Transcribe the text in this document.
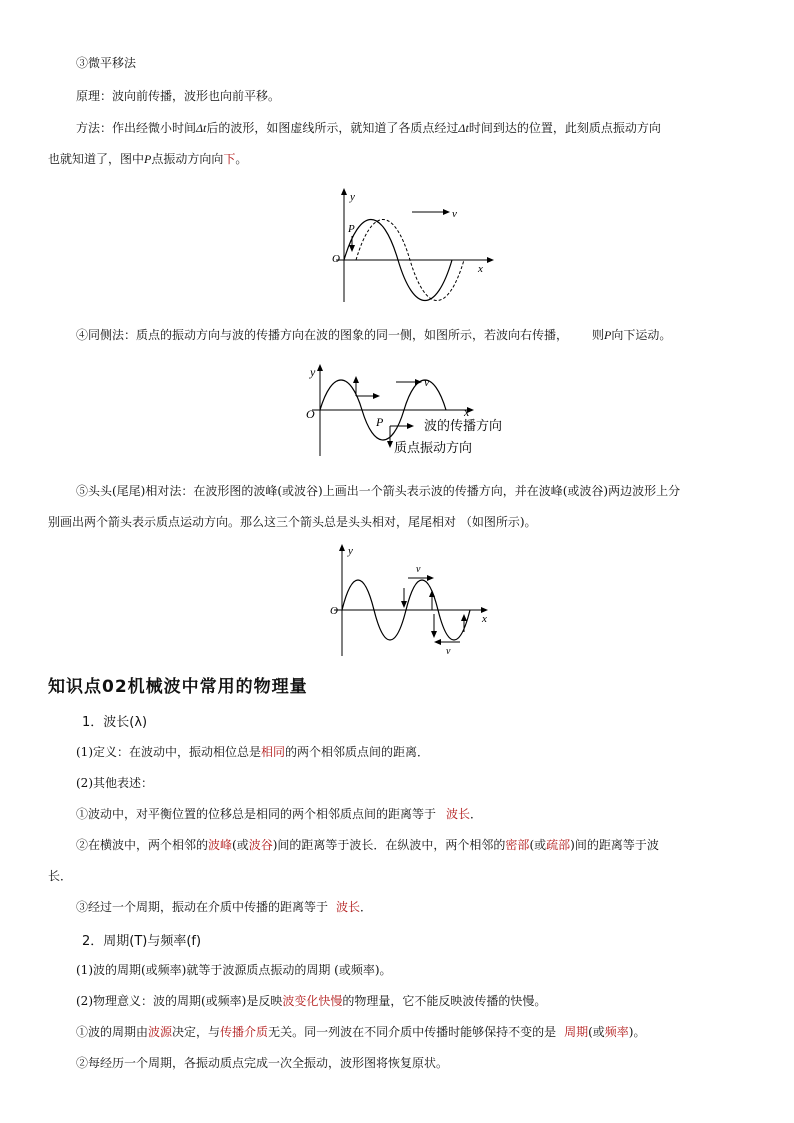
③微平移法
原理：波向前传播，波形也向前平移。
方法：作出经微小时间Δt后的波形，如图虚线所示，就知道了各质点经过Δt时间到达的位置，此刻质点振动方向
也就知道了，图中P点振动方向向下。
y
v
P
O
x
④同侧法：质点的振动方向与波的传播方向在波的图象的同一侧，如图所示，若波向右传播， 则P向下运动。
y
O	x
v
P	波的传播方向
质点振动方向
⑤头头(尾尾)相对法：在波形图的波峰(或波谷)上画出一个箭头表示波的传播方向，并在波峰(或波谷)两边波形上分
别画出两个箭头表示质点运动方向。那么这三个箭头总是头头相对，尾尾相对 （如图所示)。
y
v
O
x
v
知识点02机械波中常用的物理量
1．波长(λ)
(1)定义：在波动中，振动相位总是相同的两个相邻质点间的距离．
(2)其他表述：
①波动中，对平衡位置的位移总是相同的两个相邻质点间的距离等于 波长．
②在横波中，两个相邻的波峰(或波谷)间的距离等于波长．在纵波中，两个相邻的密部(或疏部)间的距离等于波
长．
③经过一个周期，振动在介质中传播的距离等于 波长．
2．周期(T)与频率(f)
(1)波的周期(或频率)就等于波源质点振动的周期 (或频率)。
(2)物理意义：波的周期(或频率)是反映波变化快慢的物理量，它不能反映波传播的快慢。
①波的周期由波源决定，与传播介质无关。同一列波在不同介质中传播时能够保持不变的是 周期(或频率)。
②每经历一个周期，各振动质点完成一次全振动，波形图将恢复原状。
